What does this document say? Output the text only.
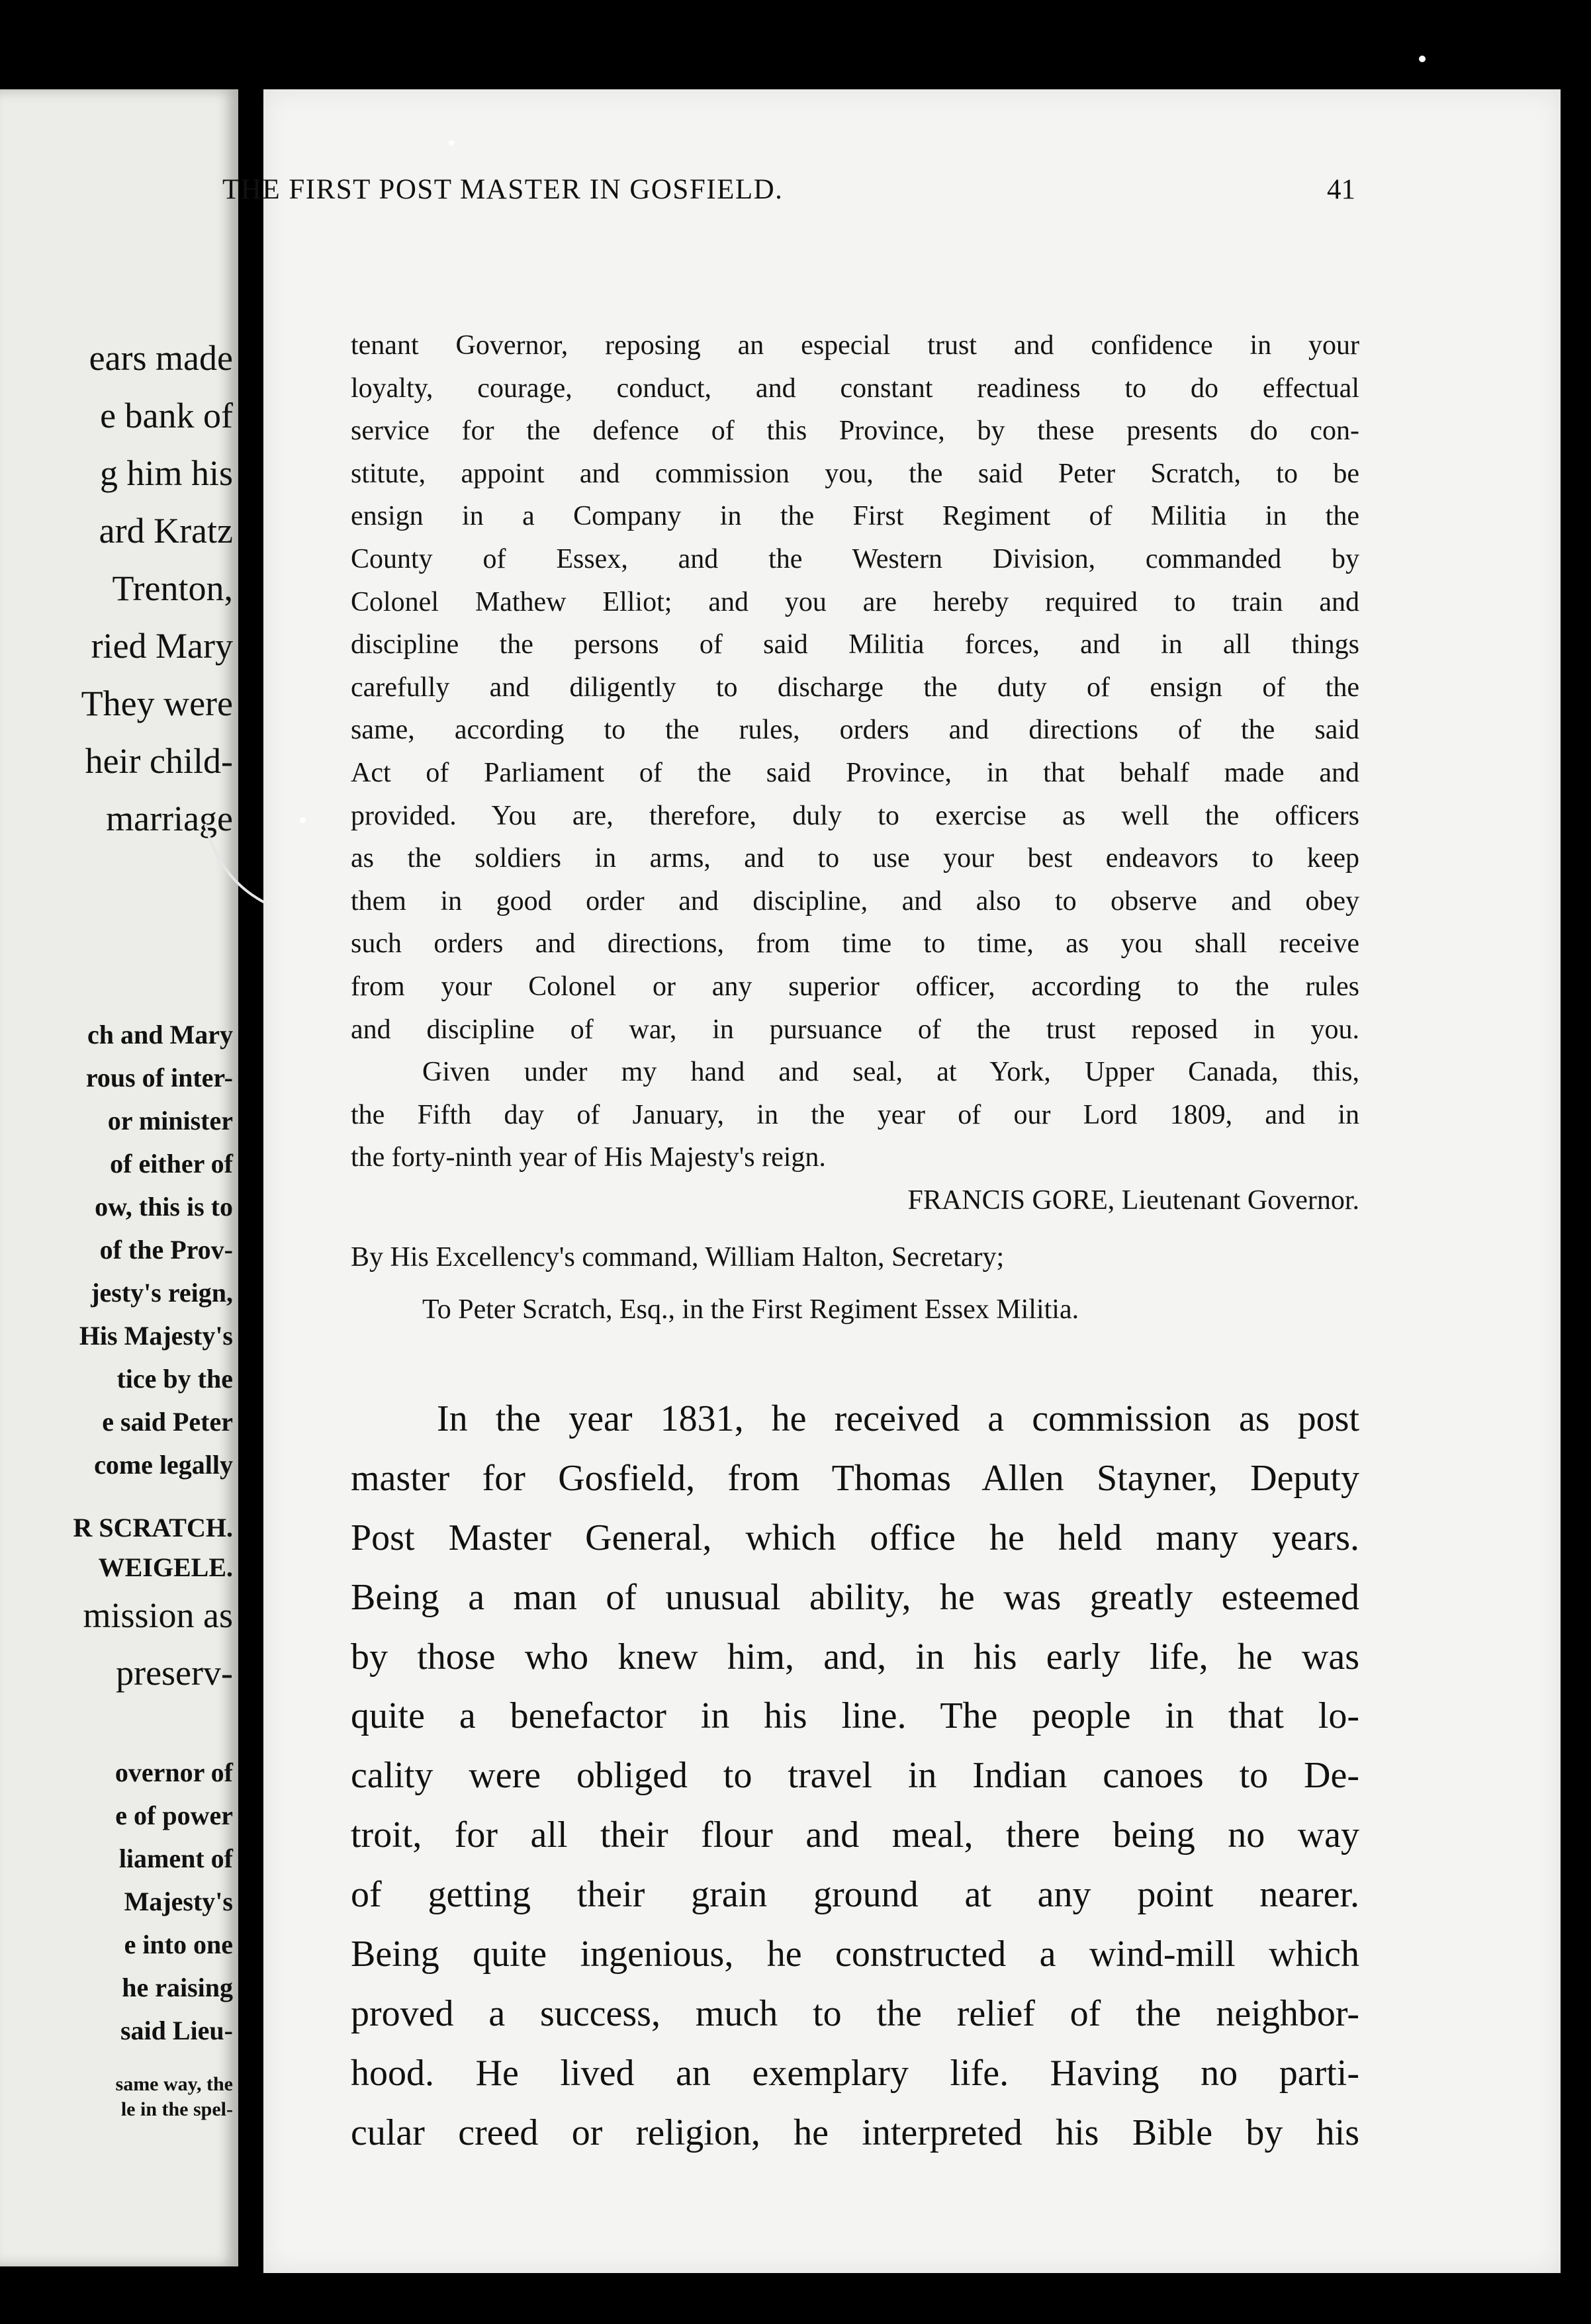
ears made
e bank of
g him his
ard Kratz
Trenton,
ried Mary
They were
heir child-
marriage
ch and Mary
rous of inter-
or minister
of either of
ow, this is to
of the Prov-
jesty's reign,
His Majesty's
tice by the
e said Peter
come legally
R SCRATCH.
WEIGELE.
mission as
preserv-
overnor of
e of power
liament of
Majesty's
e into one
he raising
said Lieu-
same way, the
le in the spel-
THE FIRST POST MASTER IN GOSFIELD.	41
tenant Governor, reposing an especial trust and confidence in your
loyalty, courage, conduct, and constant readiness to do effectual
service for the defence of this Province, by these presents do con-
stitute, appoint and commission you, the said Peter Scratch, to be
ensign in a Company in the First Regiment of Militia in the
County of Essex, and the Western Division, commanded by
Colonel Mathew Elliot; and you are hereby required to train and
discipline the persons of said Militia forces, and in all things
carefully and diligently to discharge the duty of ensign of the
same, according to the rules, orders and directions of the said
Act of Parliament of the said Province, in that behalf made and
provided. You are, therefore, duly to exercise as well the officers
as the soldiers in arms, and to use your best endeavors to keep
them in good order and discipline, and also to observe and obey
such orders and directions, from time to time, as you shall receive
from your Colonel or any superior officer, according to the rules
and discipline of war, in pursuance of the trust reposed in you.
Given under my hand and seal, at York, Upper Canada, this,
the Fifth day of January, in the year of our Lord 1809, and in
the forty-ninth year of His Majesty's reign.
FRANCIS GORE, Lieutenant Governor.
By His Excellency's command, William Halton, Secretary;
To Peter Scratch, Esq., in the First Regiment Essex Militia.
In the year 1831, he received a commission as post
master for Gosfield, from Thomas Allen Stayner, Deputy
Post Master General, which office he held many years.
Being a man of unusual ability, he was greatly esteemed
by those who knew him, and, in his early life, he was
quite a benefactor in his line. The people in that lo-
cality were obliged to travel in Indian canoes to De-
troit, for all their flour and meal, there being no way
of getting their grain ground at any point nearer.
Being quite ingenious, he constructed a wind-mill which
proved a success, much to the relief of the neighbor-
hood. He lived an exemplary life. Having no parti-
cular creed or religion, he interpreted his Bible by his
